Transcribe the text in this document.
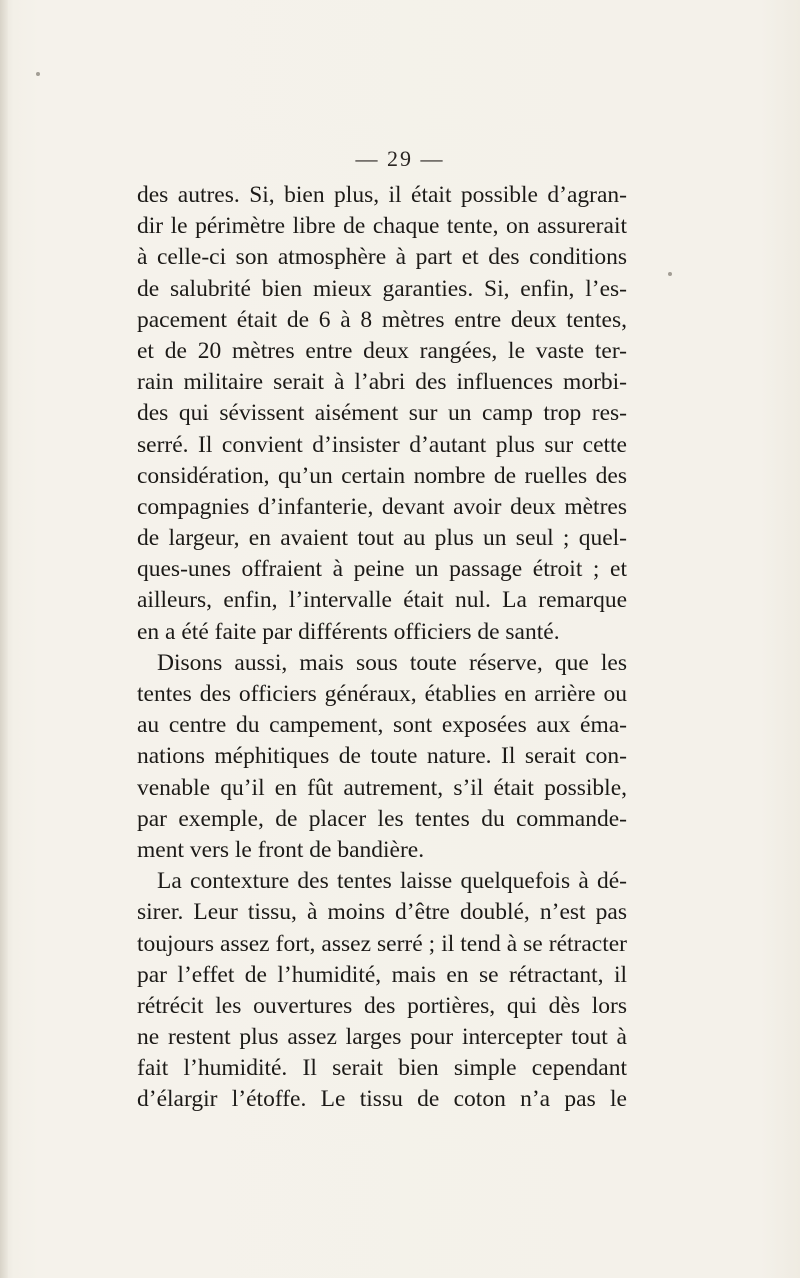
— 29 —
des autres. Si, bien plus, il était possible d’agran-
dir le périmètre libre de chaque tente, on assurerait
à celle-ci son atmosphère à part et des conditions
de salubrité bien mieux garanties. Si, enfin, l’es-
pacement était de 6 à 8 mètres entre deux tentes,
et de 20 mètres entre deux rangées, le vaste ter-
rain militaire serait à l’abri des influences morbi-
des qui sévissent aisément sur un camp trop res-
serré. Il convient d’insister d’autant plus sur cette
considération, qu’un certain nombre de ruelles des
compagnies d’infanterie, devant avoir deux mètres
de largeur, en avaient tout au plus un seul ; quel-
ques-unes offraient à peine un passage étroit ; et
ailleurs, enfin, l’intervalle était nul. La remarque
en a été faite par différents officiers de santé.
Disons aussi, mais sous toute réserve, que les
tentes des officiers généraux, établies en arrière ou
au centre du campement, sont exposées aux éma-
nations méphitiques de toute nature. Il serait con-
venable qu’il en fût autrement, s’il était possible,
par exemple, de placer les tentes du commande-
ment vers le front de bandière.
La contexture des tentes laisse quelquefois à dé-
sirer. Leur tissu, à moins d’être doublé, n’est pas
toujours assez fort, assez serré ; il tend à se rétracter
par l’effet de l’humidité, mais en se rétractant, il
rétrécit les ouvertures des portières, qui dès lors
ne restent plus assez larges pour intercepter tout à
fait l’humidité. Il serait bien simple cependant
d’élargir l’étoffe. Le tissu de coton n’a pas le
